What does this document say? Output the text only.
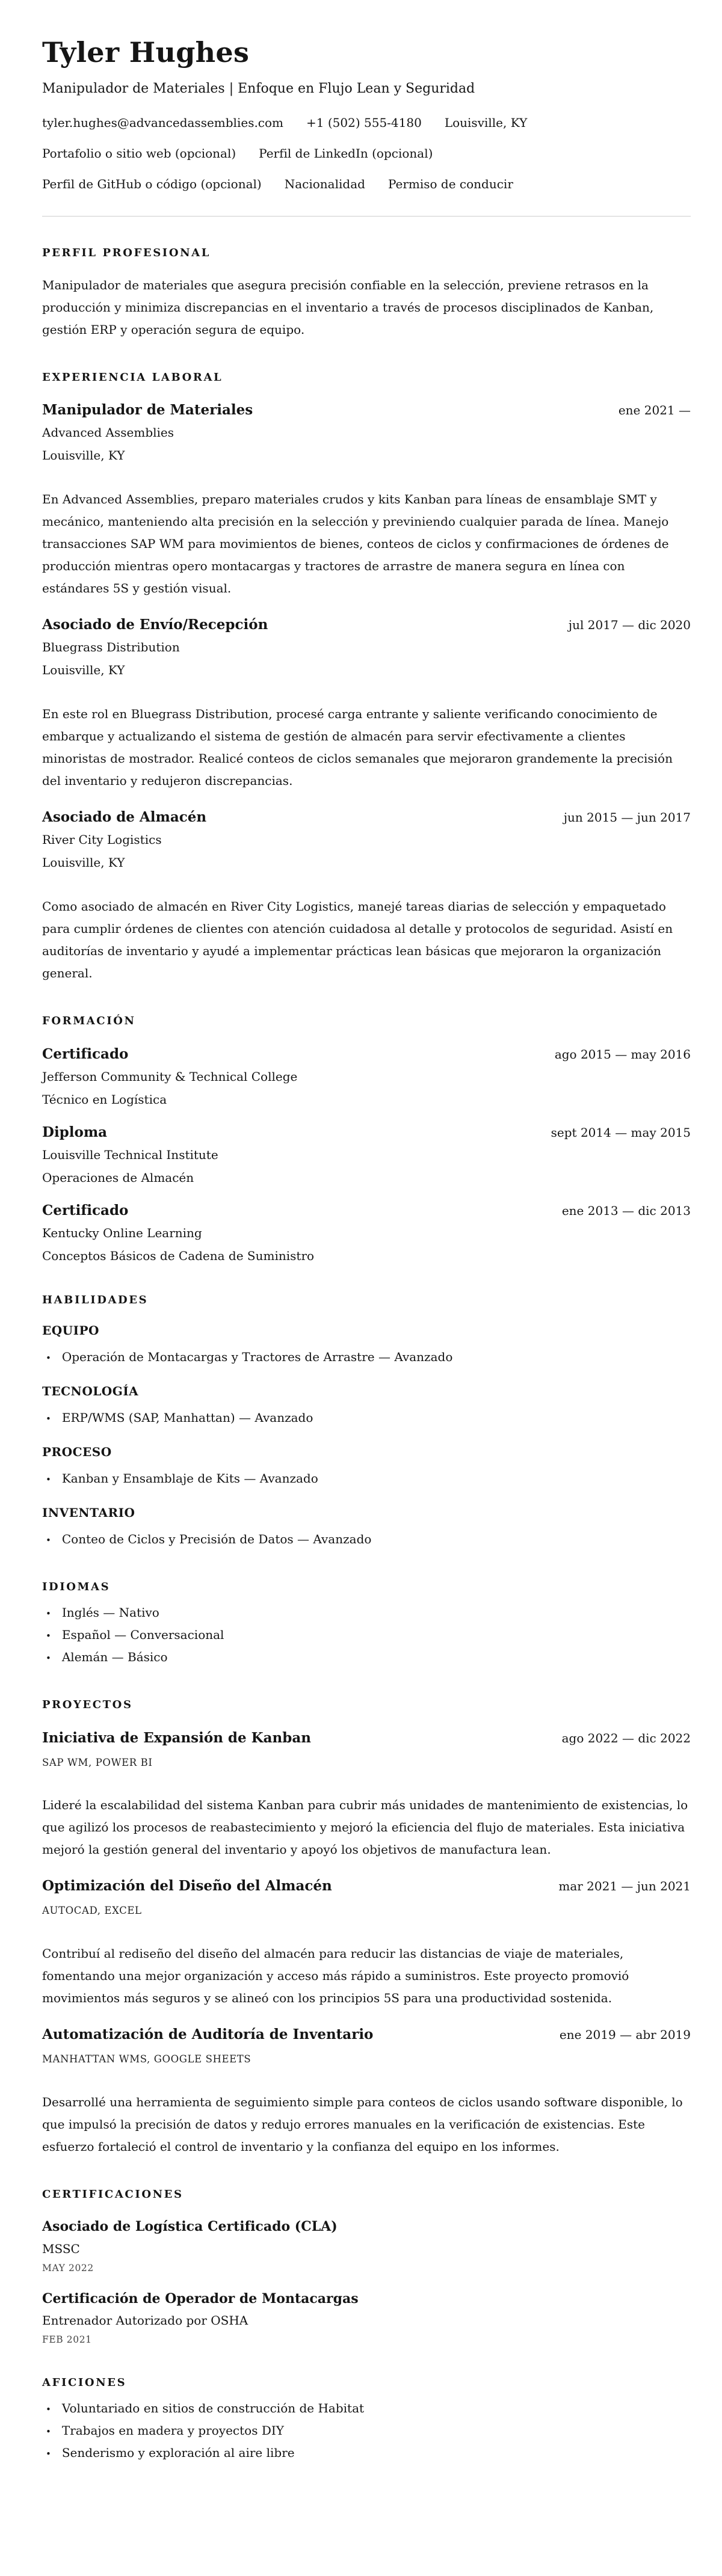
Tyler Hughes
Manipulador de Materiales | Enfoque en Flujo Lean y Seguridad
tyler.hughes@advancedassemblies.com +1 (502) 555-4180 Louisville, KY
Portafolio o sitio web (opcional) Perfil de LinkedIn (opcional)
Perfil de GitHub o código (opcional) Nacionalidad Permiso de conducir
PERFIL PROFESIONAL

Manipulador de materiales que asegura precisión confiable en la selección, previene retrasos en la producción y minimiza discrepancias en el inventario a través de procesos disciplinados de Kanban, gestión ERP y operación segura de equipo.

EXPERIENCIA LABORAL
Manipulador de Materiales	ene 2021 —
Advanced Assemblies
Louisville, KY

En Advanced Assemblies, preparo materiales crudos y kits Kanban para líneas de ensamblaje SMT y mecánico, manteniendo alta precisión en la selección y previniendo cualquier parada de línea. Manejo transacciones SAP WM para movimientos de bienes, conteos de ciclos y confirmaciones de órdenes de producción mientras opero montacargas y tractores de arrastre de manera segura en línea con estándares 5S y gestión visual.

Asociado de Envío/Recepción	jul 2017 — dic 2020
Bluegrass Distribution
Louisville, KY

En este rol en Bluegrass Distribution, procesé carga entrante y saliente verificando conocimiento de embarque y actualizando el sistema de gestión de almacén para servir efectivamente a clientes minoristas de mostrador. Realicé conteos de ciclos semanales que mejoraron grandemente la precisión del inventario y redujeron discrepancias.

Asociado de Almacén	jun 2015 — jun 2017
River City Logistics
Louisville, KY

Como asociado de almacén en River City Logistics, manejé tareas diarias de selección y empaquetado para cumplir órdenes de clientes con atención cuidadosa al detalle y protocolos de seguridad. Asistí en auditorías de inventario y ayudé a implementar prácticas lean básicas que mejoraron la organización general.

FORMACIÓN
Certificado	ago 2015 — may 2016
Jefferson Community & Technical College
Técnico en Logística
Diploma	sept 2014 — may 2015
Louisville Technical Institute
Operaciones de Almacén
Certificado	ene 2013 — dic 2013
Kentucky Online Learning
Conceptos Básicos de Cadena de Suministro
HABILIDADES
EQUIPO
• Operación de Montacargas y Tractores de Arrastre — Avanzado
TECNOLOGÍA
• ERP/WMS (SAP, Manhattan) — Avanzado
PROCESO
• Kanban y Ensamblaje de Kits — Avanzado
INVENTARIO
• Conteo de Ciclos y Precisión de Datos — Avanzado
IDIOMAS
• Inglés — Nativo
• Español — Conversacional
• Alemán — Básico
PROYECTOS
Iniciativa de Expansión de Kanban	ago 2022 — dic 2022
SAP WM, POWER BI

Lideré la escalabilidad del sistema Kanban para cubrir más unidades de mantenimiento de existencias, lo que agilizó los procesos de reabastecimiento y mejoró la eficiencia del flujo de materiales. Esta iniciativa mejoró la gestión general del inventario y apoyó los objetivos de manufactura lean.

Optimización del Diseño del Almacén	mar 2021 — jun 2021
AUTOCAD, EXCEL

Contribuí al rediseño del diseño del almacén para reducir las distancias de viaje de materiales, fomentando una mejor organización y acceso más rápido a suministros. Este proyecto promovió movimientos más seguros y se alineó con los principios 5S para una productividad sostenida.

Automatización de Auditoría de Inventario	ene 2019 — abr 2019
MANHATTAN WMS, GOOGLE SHEETS

Desarrollé una herramienta de seguimiento simple para conteos de ciclos usando software disponible, lo que impulsó la precisión de datos y redujo errores manuales en la verificación de existencias. Este esfuerzo fortaleció el control de inventario y la confianza del equipo en los informes.

CERTIFICACIONES
Asociado de Logística Certificado (CLA)
MSSC
MAY 2022
Certificación de Operador de Montacargas
Entrenador Autorizado por OSHA
FEB 2021
AFICIONES
• Voluntariado en sitios de construcción de Habitat
• Trabajos en madera y proyectos DIY
• Senderismo y exploración al aire libre
